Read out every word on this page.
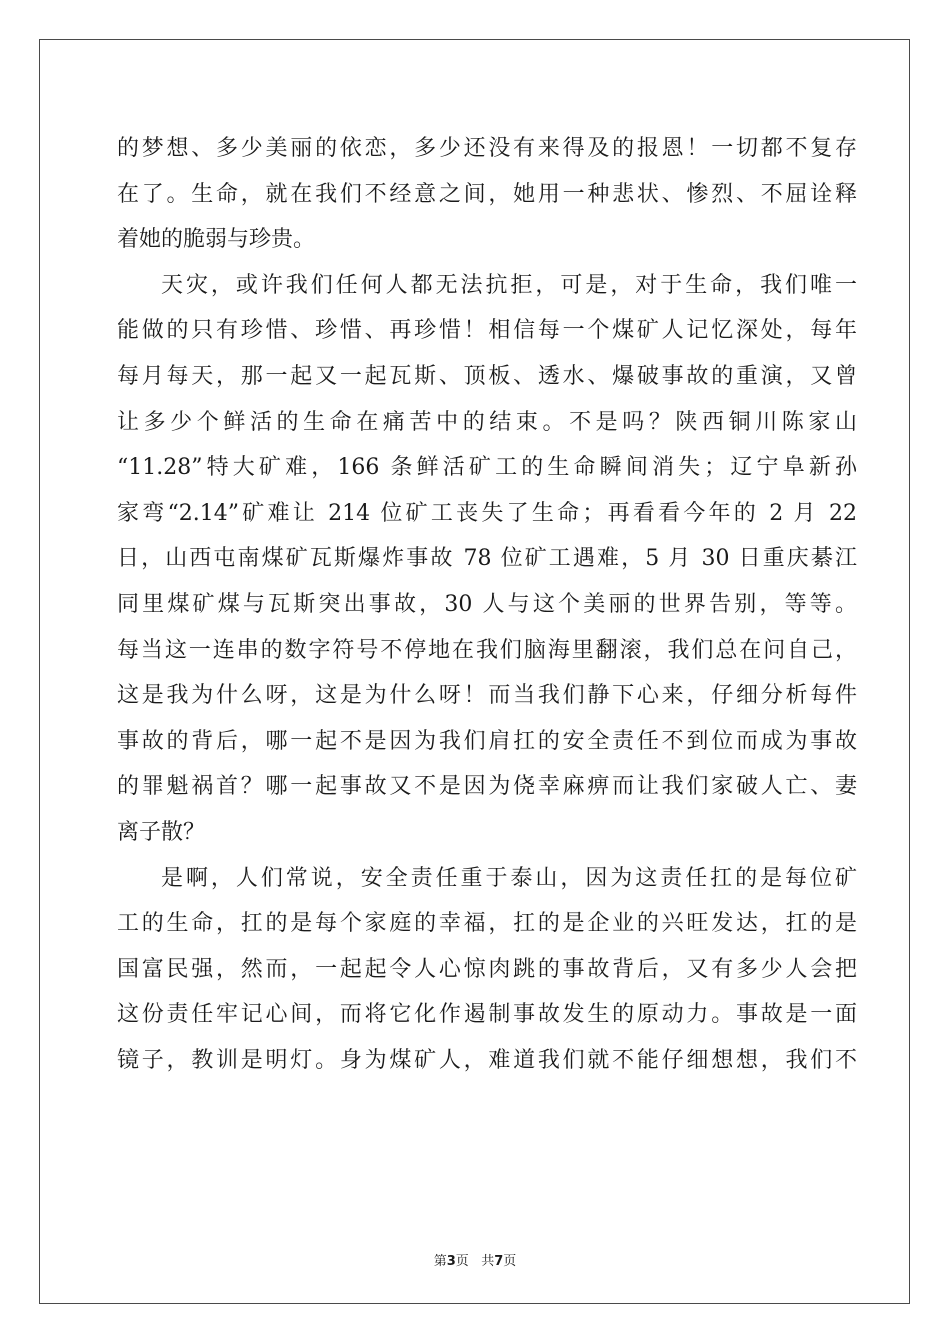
的梦想、多少美丽的依恋，多少还没有来得及的报恩！一切都不复存
在了。生命，就在我们不经意之间，她用一种悲状、惨烈、不屈诠释
着她的脆弱与珍贵。
天灾，或许我们任何人都无法抗拒，可是，对于生命，我们唯一
能做的只有珍惜、珍惜、再珍惜！相信每一个煤矿人记忆深处，每年
每月每天，那一起又一起瓦斯、顶板、透水、爆破事故的重演，又曾
让多少个鲜活的生命在痛苦中的结束。不是吗？陕西铜川陈家山
“11.28”特大矿难，166 条鲜活矿工的生命瞬间消失；辽宁阜新孙
家弯“2.14”矿难让 214 位矿工丧失了生命；再看看今年的 2 月 22
日，山西屯南煤矿瓦斯爆炸事故 78 位矿工遇难，5 月 30 日重庆綦江
同里煤矿煤与瓦斯突出事故，30 人与这个美丽的世界告别，等等。
每当这一连串的数字符号不停地在我们脑海里翻滚，我们总在问自己，
这是我为什么呀，这是为什么呀！而当我们静下心来，仔细分析每件
事故的背后，哪一起不是因为我们肩扛的安全责任不到位而成为事故
的罪魁祸首？哪一起事故又不是因为侥幸麻痹而让我们家破人亡、妻
离子散？
是啊，人们常说，安全责任重于泰山，因为这责任扛的是每位矿
工的生命，扛的是每个家庭的幸福，扛的是企业的兴旺发达，扛的是
国富民强，然而，一起起令人心惊肉跳的事故背后，又有多少人会把
这份责任牢记心间，而将它化作遏制事故发生的原动力。事故是一面
镜子，教训是明灯。身为煤矿人，难道我们就不能仔细想想，我们不
第3页 共7页
